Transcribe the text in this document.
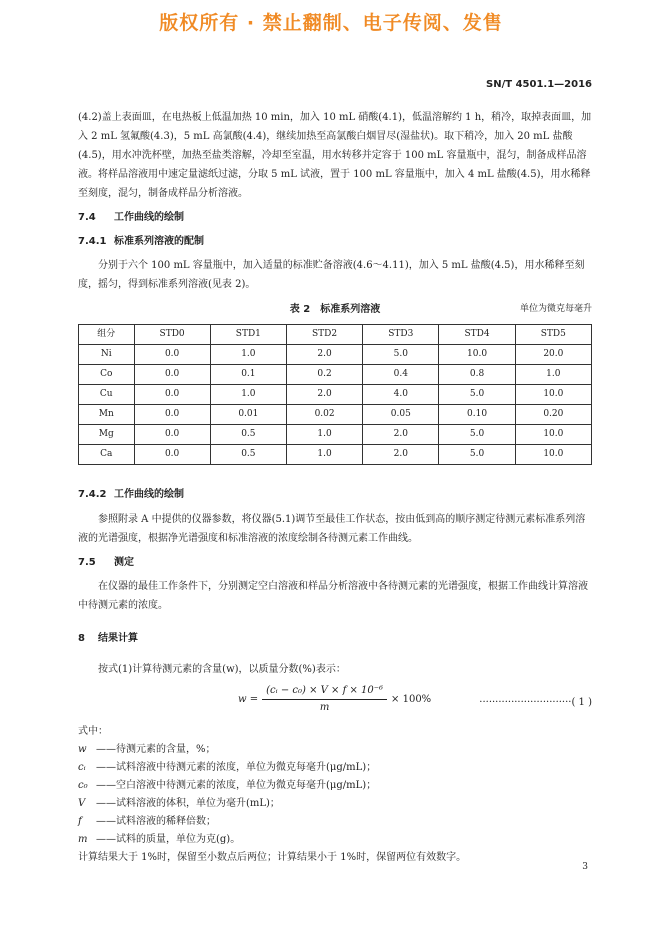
版权所有 · 禁止翻制、电子传阅、发售
SN/T 4501.1—2016

(4.2)盖上表面皿，在电热板上低温加热 10 min，加入 10 mL 硝酸(4.1)，低温溶解约 1 h，稍冷，取掉表面皿，加入 2 mL 氢氟酸(4.3)，5 mL 高氯酸(4.4)，继续加热至高氯酸白烟冒尽(湿盐状)。取下稍冷，加入 20 mL 盐酸(4.5)，用水冲洗杯壁，加热至盐类溶解，冷却至室温，用水转移并定容于 100 mL 容量瓶中，混匀，制备成样品溶液。将样品溶液用中速定量滤纸过滤，分取 5 mL 试液，置于 100 mL 容量瓶中，加入 4 mL 盐酸(4.5)，用水稀释至刻度，混匀，制备成样品分析溶液。

7.4 工作曲线的绘制

7.4.1 标准系列溶液的配制

分别于六个 100 mL 容量瓶中，加入适量的标准贮备溶液(4.6～4.11)，加入 5 mL 盐酸(4.5)，用水稀释至刻度，摇匀，得到标准系列溶液(见表 2)。

表 2　标准系列溶液	单位为微克每毫升
组分	STD0	STD1	STD2	STD3	STD4	STD5
Ni	0.0	1.0	2.0	5.0	10.0	20.0
Co	0.0	0.1	0.2	0.4	0.8	1.0
Cu	0.0	1.0	2.0	4.0	5.0	10.0
Mn	0.0	0.01	0.02	0.05	0.10	0.20
Mg	0.0	0.5	1.0	2.0	5.0	10.0
Ca	0.0	0.5	1.0	2.0	5.0	10.0

7.4.2 工作曲线的绘制

参照附录 A 中提供的仪器参数，将仪器(5.1)调节至最佳工作状态，按由低到高的顺序测定待测元素标准系列溶液的光谱强度，根据净光谱强度和标准溶液的浓度绘制各待测元素工作曲线。

7.5 测定

在仪器的最佳工作条件下，分别测定空白溶液和样品分析溶液中各待测元素的光谱强度，根据工作曲线计算溶液中待测元素的浓度。

8 结果计算

按式(1)计算待测元素的含量(w)，以质量分数(%)表示：

$w = \frac{\text{(cᵢ − c₀) × V × f × 10⁻⁶}}{m} \times 100\%$	·····························( 1 )

式中：

w ——待测元素的含量，%；

cᵢ ——试料溶液中待测元素的浓度，单位为微克每毫升(μg/mL)；

c₀ ——空白溶液中待测元素的浓度，单位为微克每毫升(μg/mL)；

V ——试料溶液的体积，单位为毫升(mL)；

f ——试料溶液的稀释倍数；

m ——试料的质量，单位为克(g)。

计算结果大于 1%时，保留至小数点后两位；计算结果小于 1%时，保留两位有效数字。

3
